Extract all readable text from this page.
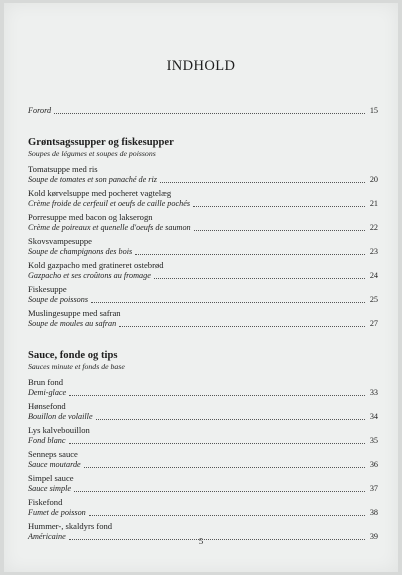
INDHOLD
Forord	15
Grøntsagssupper og fiskesupper
Soupes de légumes et soupes de poissons
Tomatsuppe med ris
Soupe de tomates et son panaché de riz	20
Kold kørvelsuppe med pocheret vagtelæg
Crème froide de cerfeuil et oeufs de caille pochés	21
Porresuppe med bacon og lakserogn
Crème de poireaux et quenelle d'oeufs de saumon	22
Skovsvampesuppe
Soupe de champignons des bois	23
Kold gazpacho med gratineret ostebrød
Gazpacho et ses croûtons au fromage	24
Fiskesuppe
Soupe de poissons	25
Muslingesuppe med safran
Soupe de moules au safran	27
Sauce, fonde og tips
Sauces minute et fonds de base
Brun fond
Demi-glace	33
Hønsefond
Bouillon de volaille	34
Lys kalvebouillon
Fond blanc	35
Senneps sauce
Sauce moutarde	36
Simpel sauce
Sauce simple	37
Fiskefond
Fumet de poisson	38
Hummer-, skaldyrs fond
Américaine	39
5
